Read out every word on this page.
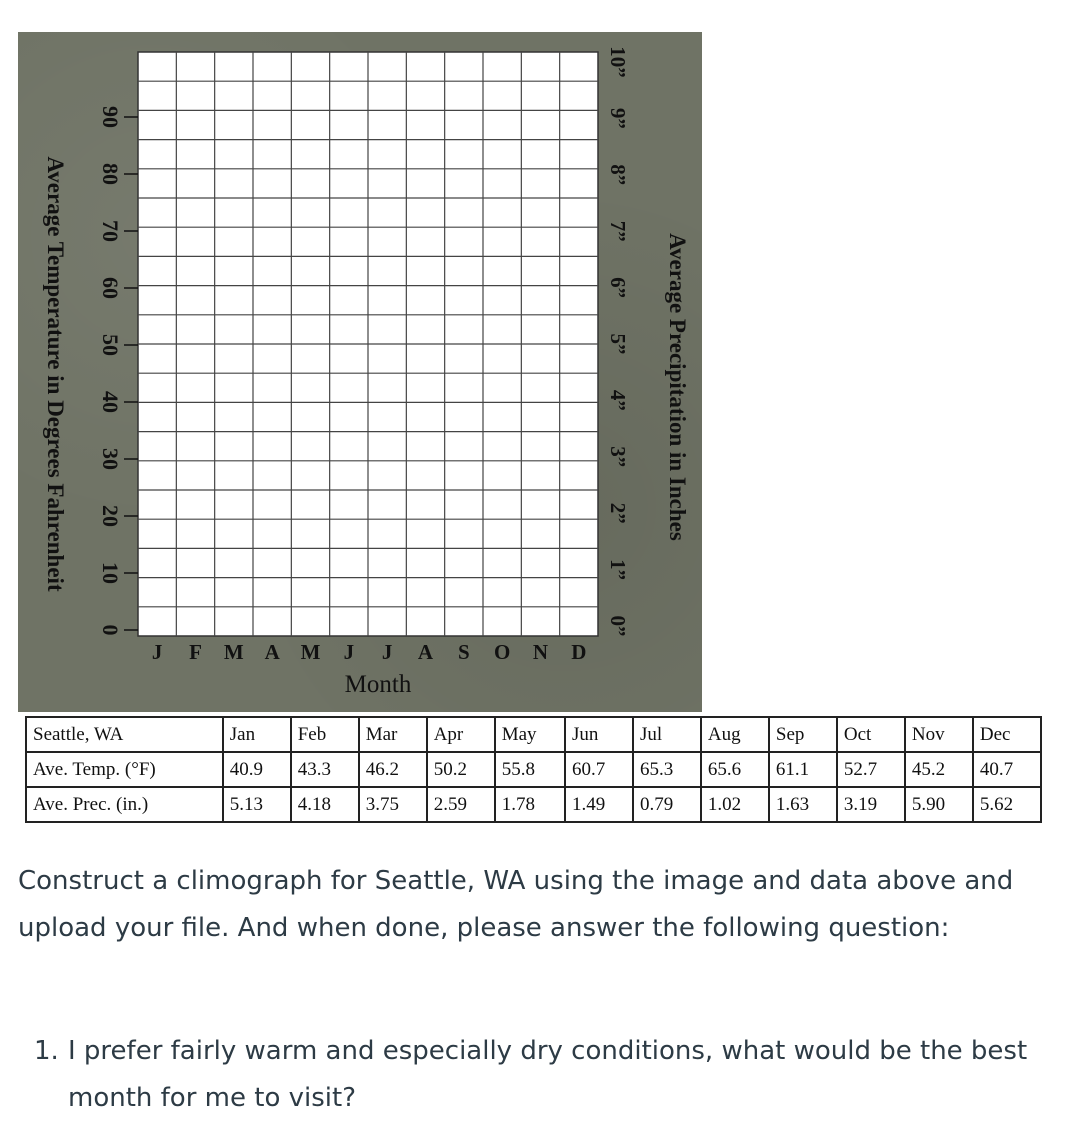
90
80
70
60
50
40
30
20
10
0
10”
9”
8”
7”
6”
5”
4”
3”
2”
1”
0”
J F M A M J J A S O N D
Month
Average Temperature in Degrees Fahrenheit	Average Precipitation in Inches
Seattle, WA	Jan	Feb	Mar	Apr	May	Jun	Jul	Aug	Sep	Oct	Nov	Dec
Ave. Temp. (°F)	40.9	43.3	46.2	50.2	55.8	60.7	65.3	65.6	61.1	52.7	45.2	40.7
Ave. Prec. (in.)	5.13	4.18	3.75	2.59	1.78	1.49	0.79	1.02	1.63	3.19	5.90	5.62
Construct a climograph for Seattle, WA using the image and data above and upload your file. And when done, please answer the following question:
1. I prefer fairly warm and especially dry conditions, what would be the best month for me to visit?
